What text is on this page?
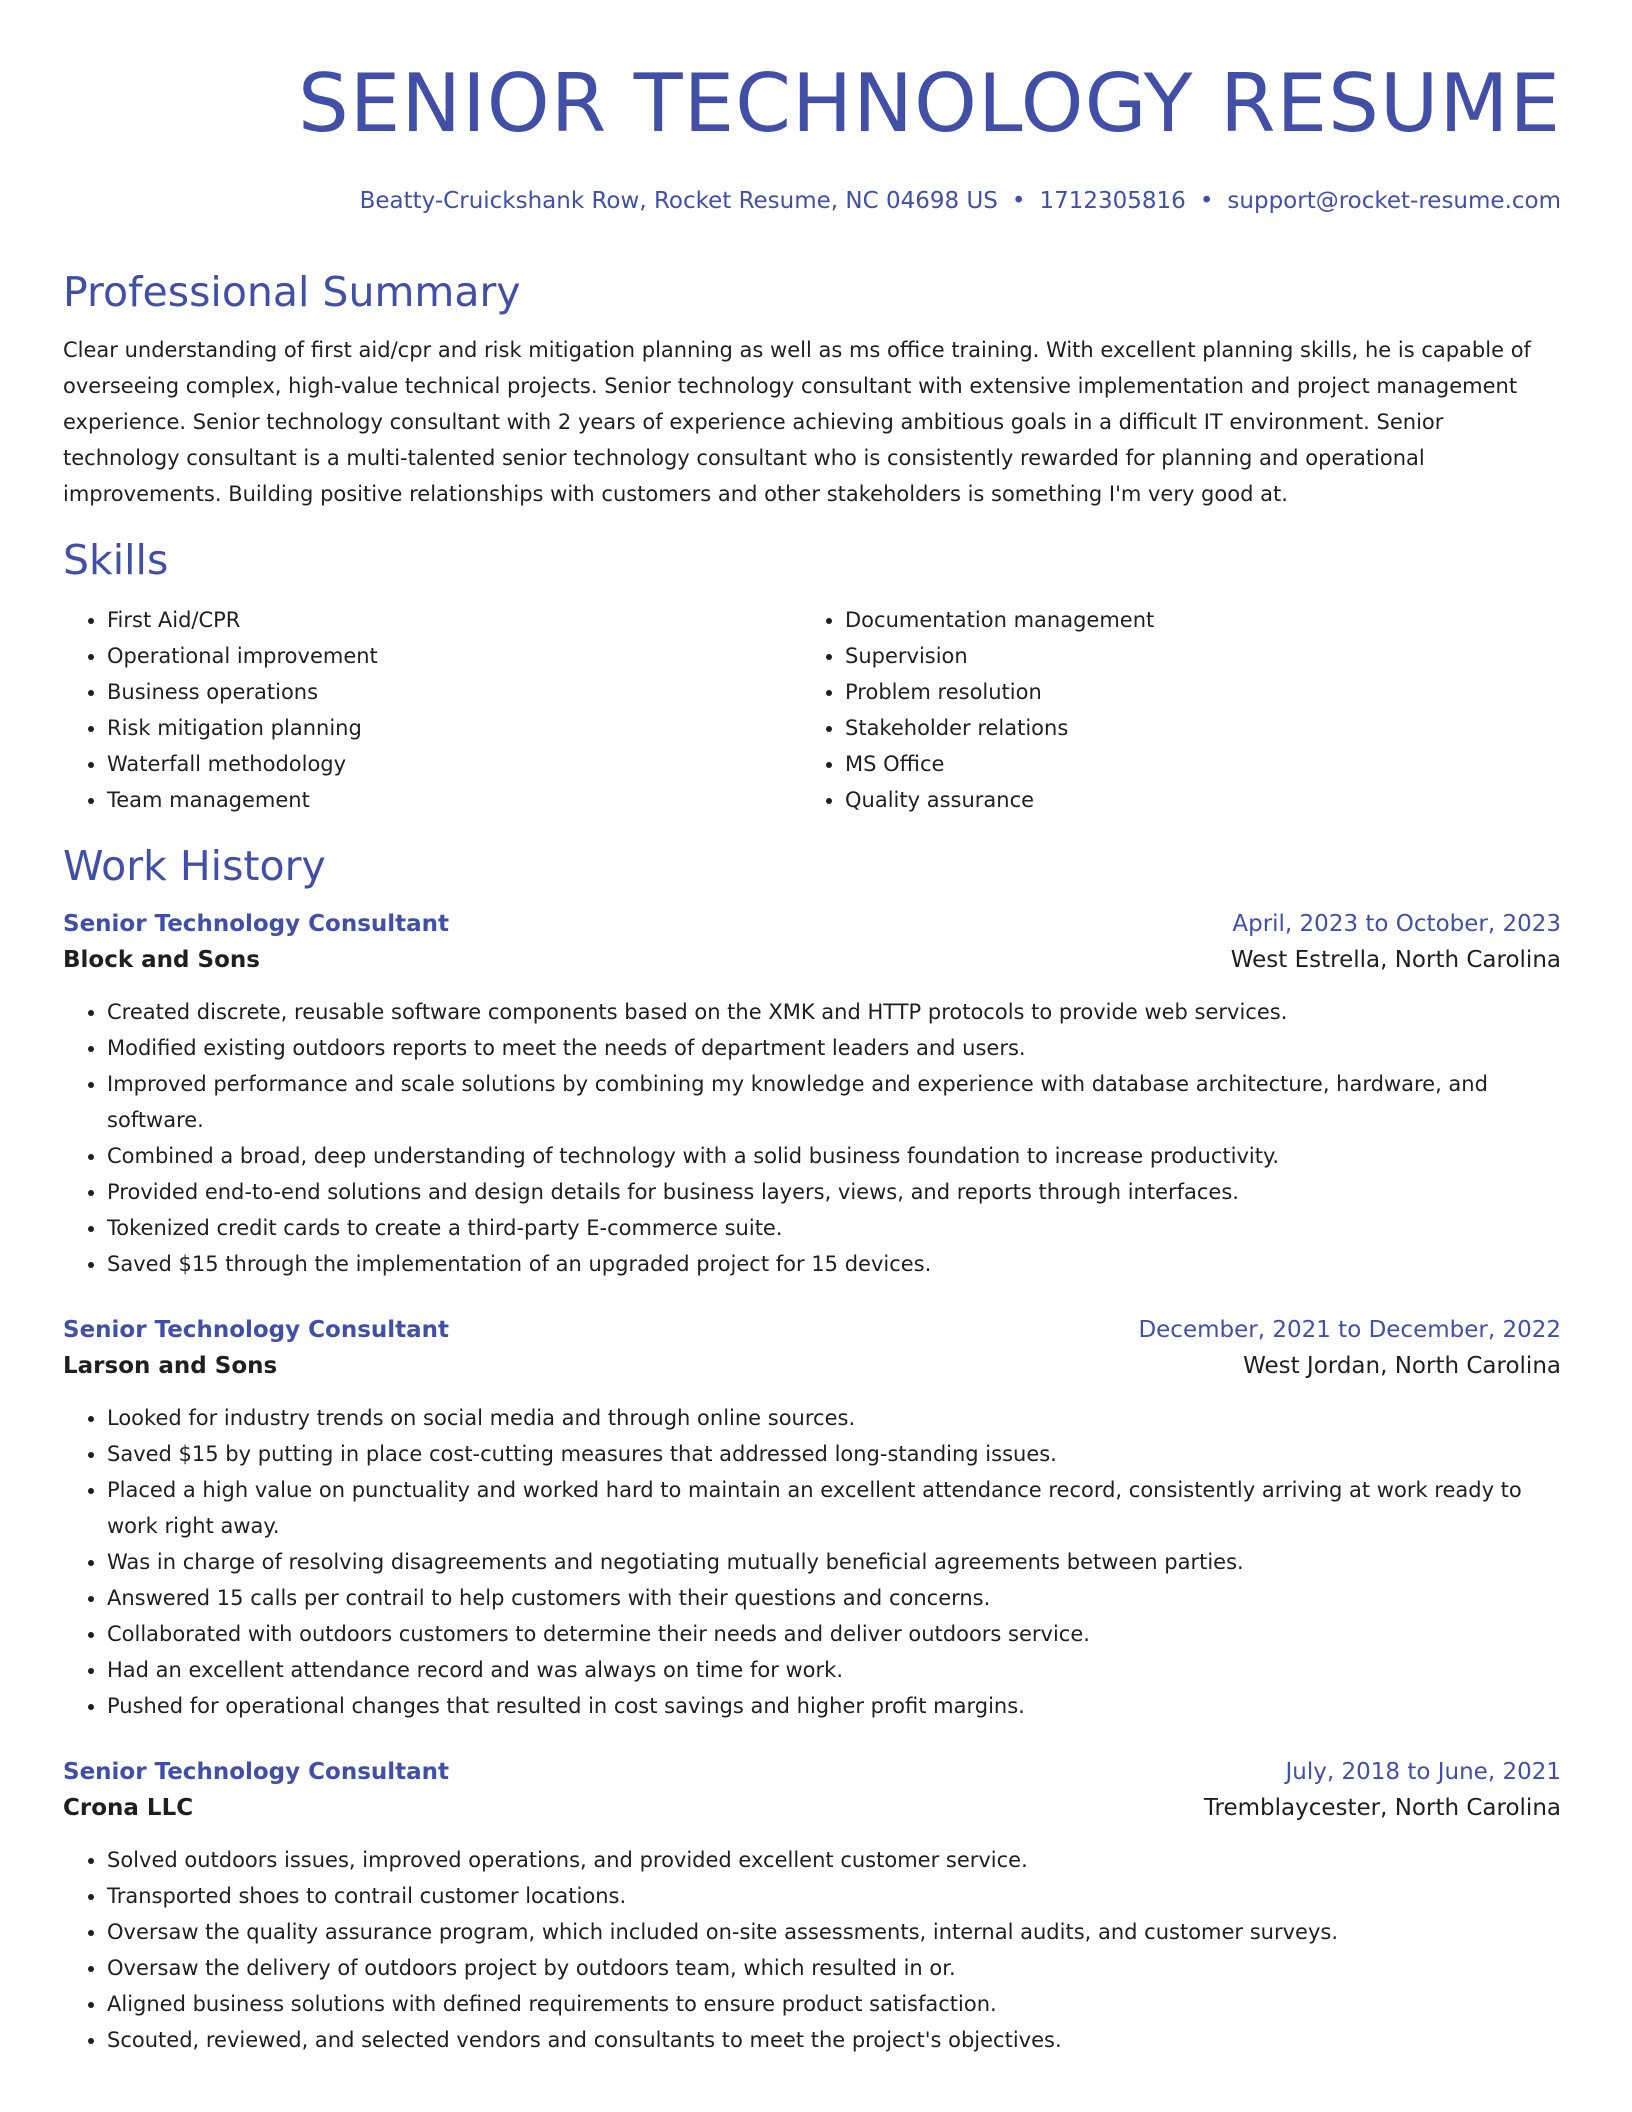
SENIOR TECHNOLOGY RESUME
Beatty-Cruickshank Row, Rocket Resume, NC 04698 US • 1712305816 • support@rocket-resume.com
Professional Summary

Clear understanding of first aid/cpr and risk mitigation planning as well as ms office training. With excellent planning skills, he is capable of overseeing complex, high-value technical projects. Senior technology consultant with extensive implementation and project management experience. Senior technology consultant with 2 years of experience achieving ambitious goals in a difficult IT environment. Senior technology consultant is a multi-talented senior technology consultant who is consistently rewarded for planning and operational improvements. Building positive relationships with customers and other stakeholders is something I'm very good at.

Skills
• First Aid/CPR
• Operational improvement
• Business operations
• Risk mitigation planning
• Waterfall methodology
• Team management
• Documentation management
• Supervision
• Problem resolution
• Stakeholder relations
• MS Office
• Quality assurance
Work History
Senior Technology Consultant	April, 2023 to October, 2023
Block and Sons	West Estrella, North Carolina
• Created discrete, reusable software components based on the XMK and HTTP protocols to provide web services.
• Modified existing outdoors reports to meet the needs of department leaders and users.
• Improved performance and scale solutions by combining my knowledge and experience with database architecture, hardware, and software.
• Combined a broad, deep understanding of technology with a solid business foundation to increase productivity.
• Provided end-to-end solutions and design details for business layers, views, and reports through interfaces.
• Tokenized credit cards to create a third-party E-commerce suite.
• Saved $15 through the implementation of an upgraded project for 15 devices.
Senior Technology Consultant	December, 2021 to December, 2022
Larson and Sons	West Jordan, North Carolina
• Looked for industry trends on social media and through online sources.
• Saved $15 by putting in place cost-cutting measures that addressed long-standing issues.
• Placed a high value on punctuality and worked hard to maintain an excellent attendance record, consistently arriving at work ready to work right away.
• Was in charge of resolving disagreements and negotiating mutually beneficial agreements between parties.
• Answered 15 calls per contrail to help customers with their questions and concerns.
• Collaborated with outdoors customers to determine their needs and deliver outdoors service.
• Had an excellent attendance record and was always on time for work.
• Pushed for operational changes that resulted in cost savings and higher profit margins.
Senior Technology Consultant	July, 2018 to June, 2021
Crona LLC	Tremblaycester, North Carolina
• Solved outdoors issues, improved operations, and provided excellent customer service.
• Transported shoes to contrail customer locations.
• Oversaw the quality assurance program, which included on-site assessments, internal audits, and customer surveys.
• Oversaw the delivery of outdoors project by outdoors team, which resulted in or.
• Aligned business solutions with defined requirements to ensure product satisfaction.
• Scouted, reviewed, and selected vendors and consultants to meet the project's objectives.
